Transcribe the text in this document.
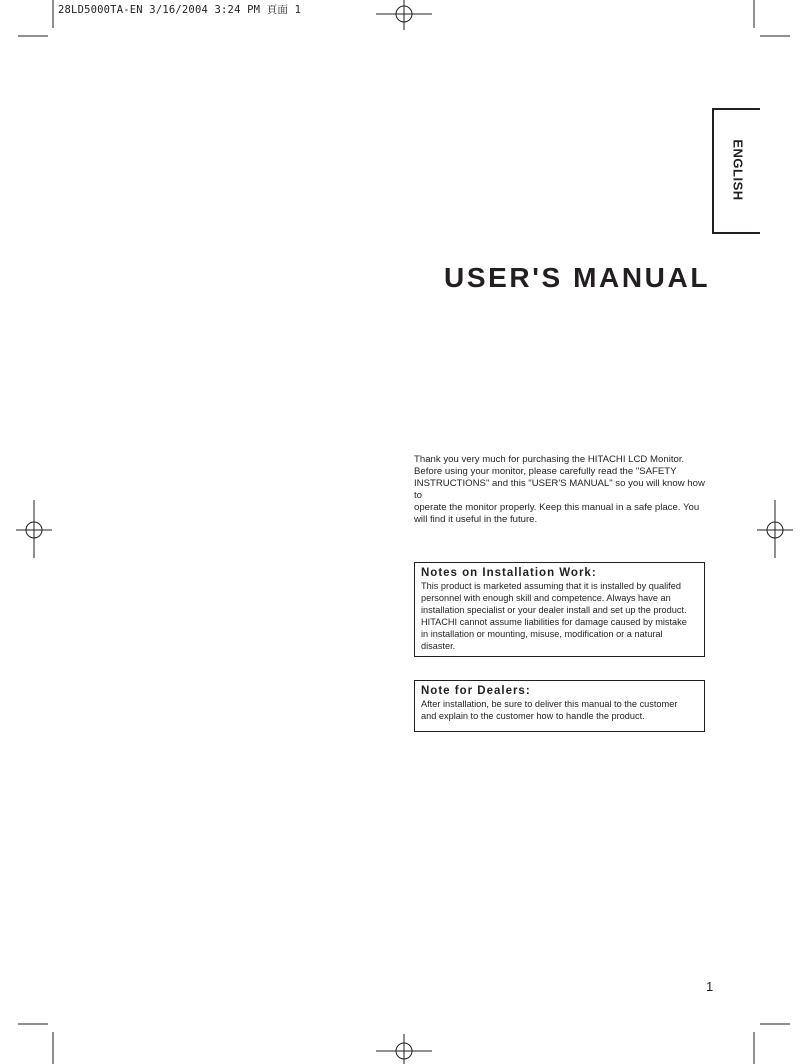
28LD5000TA-EN 3/16/2004 3:24 PM 頁面 1
ENGLISH
USER'S MANUAL

Thank you very much for purchasing the HITACHI LCD Monitor.
Before using your monitor, please carefully read the "SAFETY
INSTRUCTIONS" and this "USER'S MANUAL" so you will know how to
operate the monitor properly. Keep this manual in a safe place. You
will find it useful in the future.

Notes on Installation Work:

This product is marketed assuming that it is installed by qualifed
personnel with enough skill and competence. Always have an
installation specialist or your dealer install and set up the product.
HITACHI cannot assume liabilities for damage caused by mistake
in installation or mounting, misuse, modification or a natural
disaster.

Note for Dealers:

After installation, be sure to deliver this manual to the customer
and explain to the customer how to handle the product.

1
